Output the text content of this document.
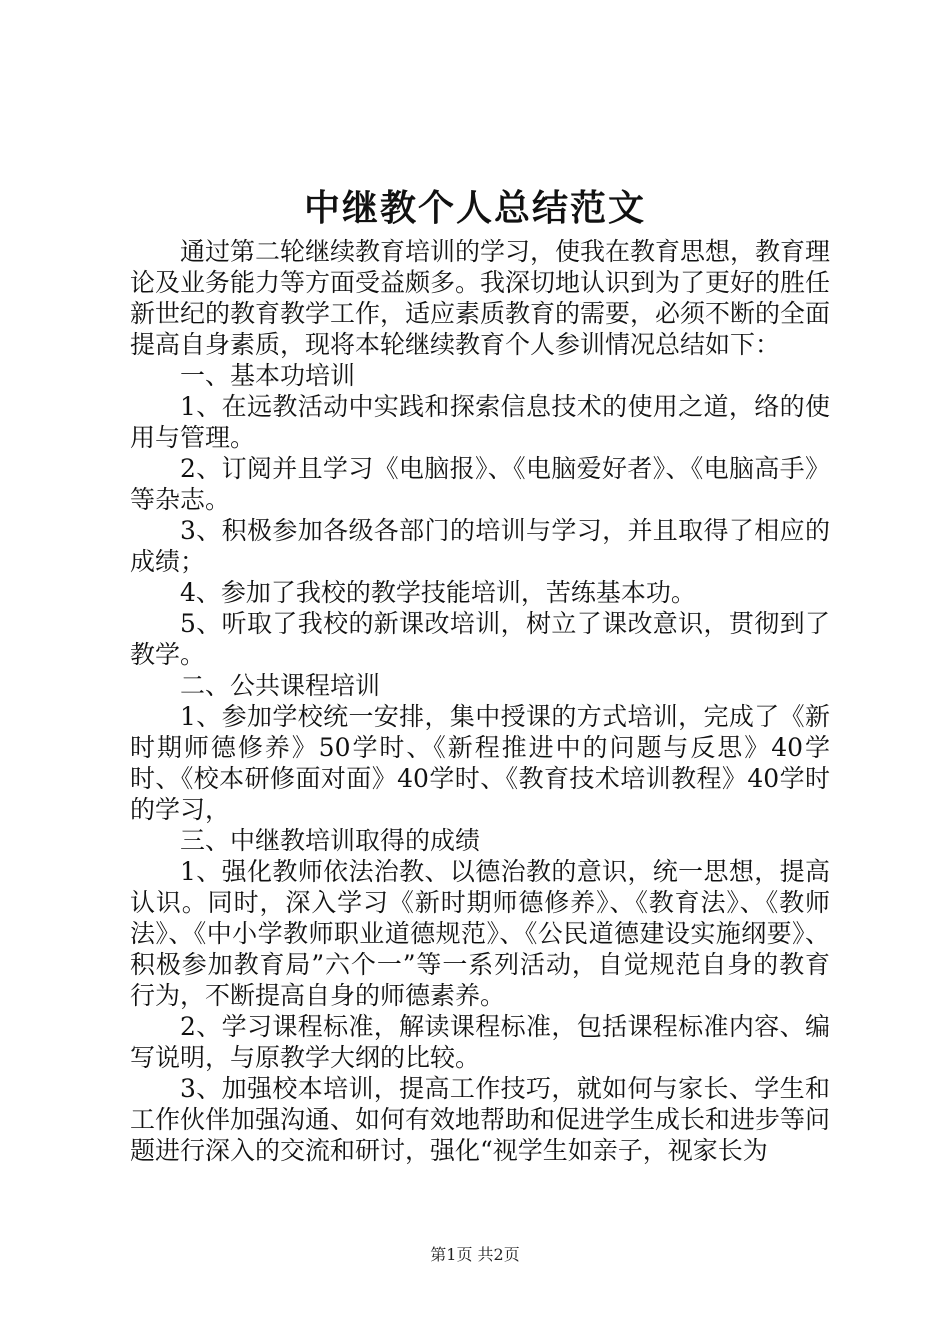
中继教个人总结范文

通过第二轮继续教育培训的学习，使我在教育思想，教育理论及业务能力等方面受益颇多。我深切地认识到为了更好的胜任新世纪的教育教学工作，适应素质教育的需要，必须不断的全面提高自身素质，现将本轮继续教育个人参训情况总结如下：

一、基本功培训

1、在远教活动中实践和探索信息技术的使用之道，络的使用与管理。

2、订阅并且学习《电脑报》、《电脑爱好者》、《电脑高手》等杂志。

3、积极参加各级各部门的培训与学习，并且取得了相应的成绩；

4、参加了我校的教学技能培训，苦练基本功。

5、听取了我校的新课改培训，树立了课改意识，贯彻到了教学。

二、公共课程培训

1、参加学校统一安排，集中授课的方式培训，完成了《新时期师德修养》50学时、《新程推进中的问题与反思》40学时、《校本研修面对面》40学时、《教育技术培训教程》40学时的学习，

三、中继教培训取得的成绩

1、强化教师依法治教、以德治教的意识，统一思想，提高认识。同时，深入学习《新时期师德修养》、《教育法》、《教师法》、《中小学教师职业道德规范》、《公民道德建设实施纲要》、积极参加教育局”六个一”等一系列活动，自觉规范自身的教育行为，不断提高自身的师德素养。

2、学习课程标准，解读课程标准，包括课程标准内容、编写说明，与原教学大纲的比较。

3、加强校本培训，提高工作技巧，就如何与家长、学生和工作伙伴加强沟通、如何有效地帮助和促进学生成长和进步等问题进行深入的交流和研讨，强化“视学生如亲子，视家长为

第1页 共2页
